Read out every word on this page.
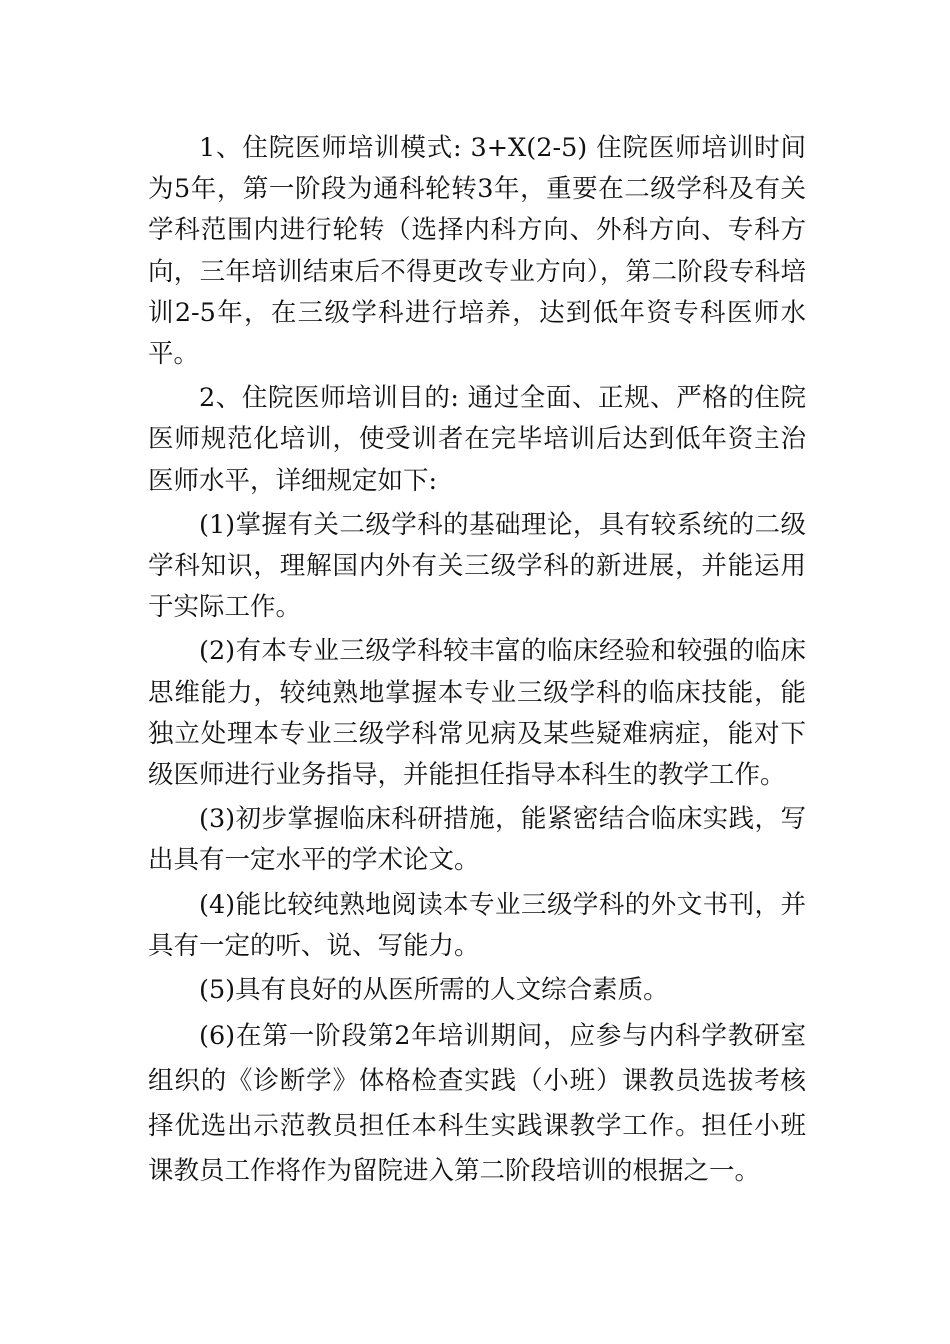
1、住院医师培训模式: 3+X(2-5) 住院医师培训时间为5年，第一阶段为通科轮转3年，重要在二级学科及有关学科范围内进行轮转（选择内科方向、外科方向、专科方向，三年培训结束后不得更改专业方向），第二阶段专科培训2-5年，在三级学科进行培养，达到低年资专科医师水平。

2、住院医师培训目的: 通过全面、正规、严格的住院医师规范化培训，使受训者在完毕培训后达到低年资主治医师水平，详细规定如下:

(1)掌握有关二级学科的基础理论，具有较系统的二级学科知识，理解国内外有关三级学科的新进展，并能运用于实际工作。

(2)有本专业三级学科较丰富的临床经验和较强的临床思维能力，较纯熟地掌握本专业三级学科的临床技能，能独立处理本专业三级学科常见病及某些疑难病症，能对下级医师进行业务指导，并能担任指导本科生的教学工作。

(3)初步掌握临床科研措施，能紧密结合临床实践，写出具有一定水平的学术论文。

(4)能比较纯熟地阅读本专业三级学科的外文书刊，并具有一定的听、说、写能力。

(5)具有良好的从医所需的人文综合素质。

(6)在第一阶段第2年培训期间，应参与内科学教研室组织的《诊断学》体格检查实践（小班）课教员选拔考核择优选出示范教员担任本科生实践课教学工作。担任小班课教员工作将作为留院进入第二阶段培训的根据之一。
